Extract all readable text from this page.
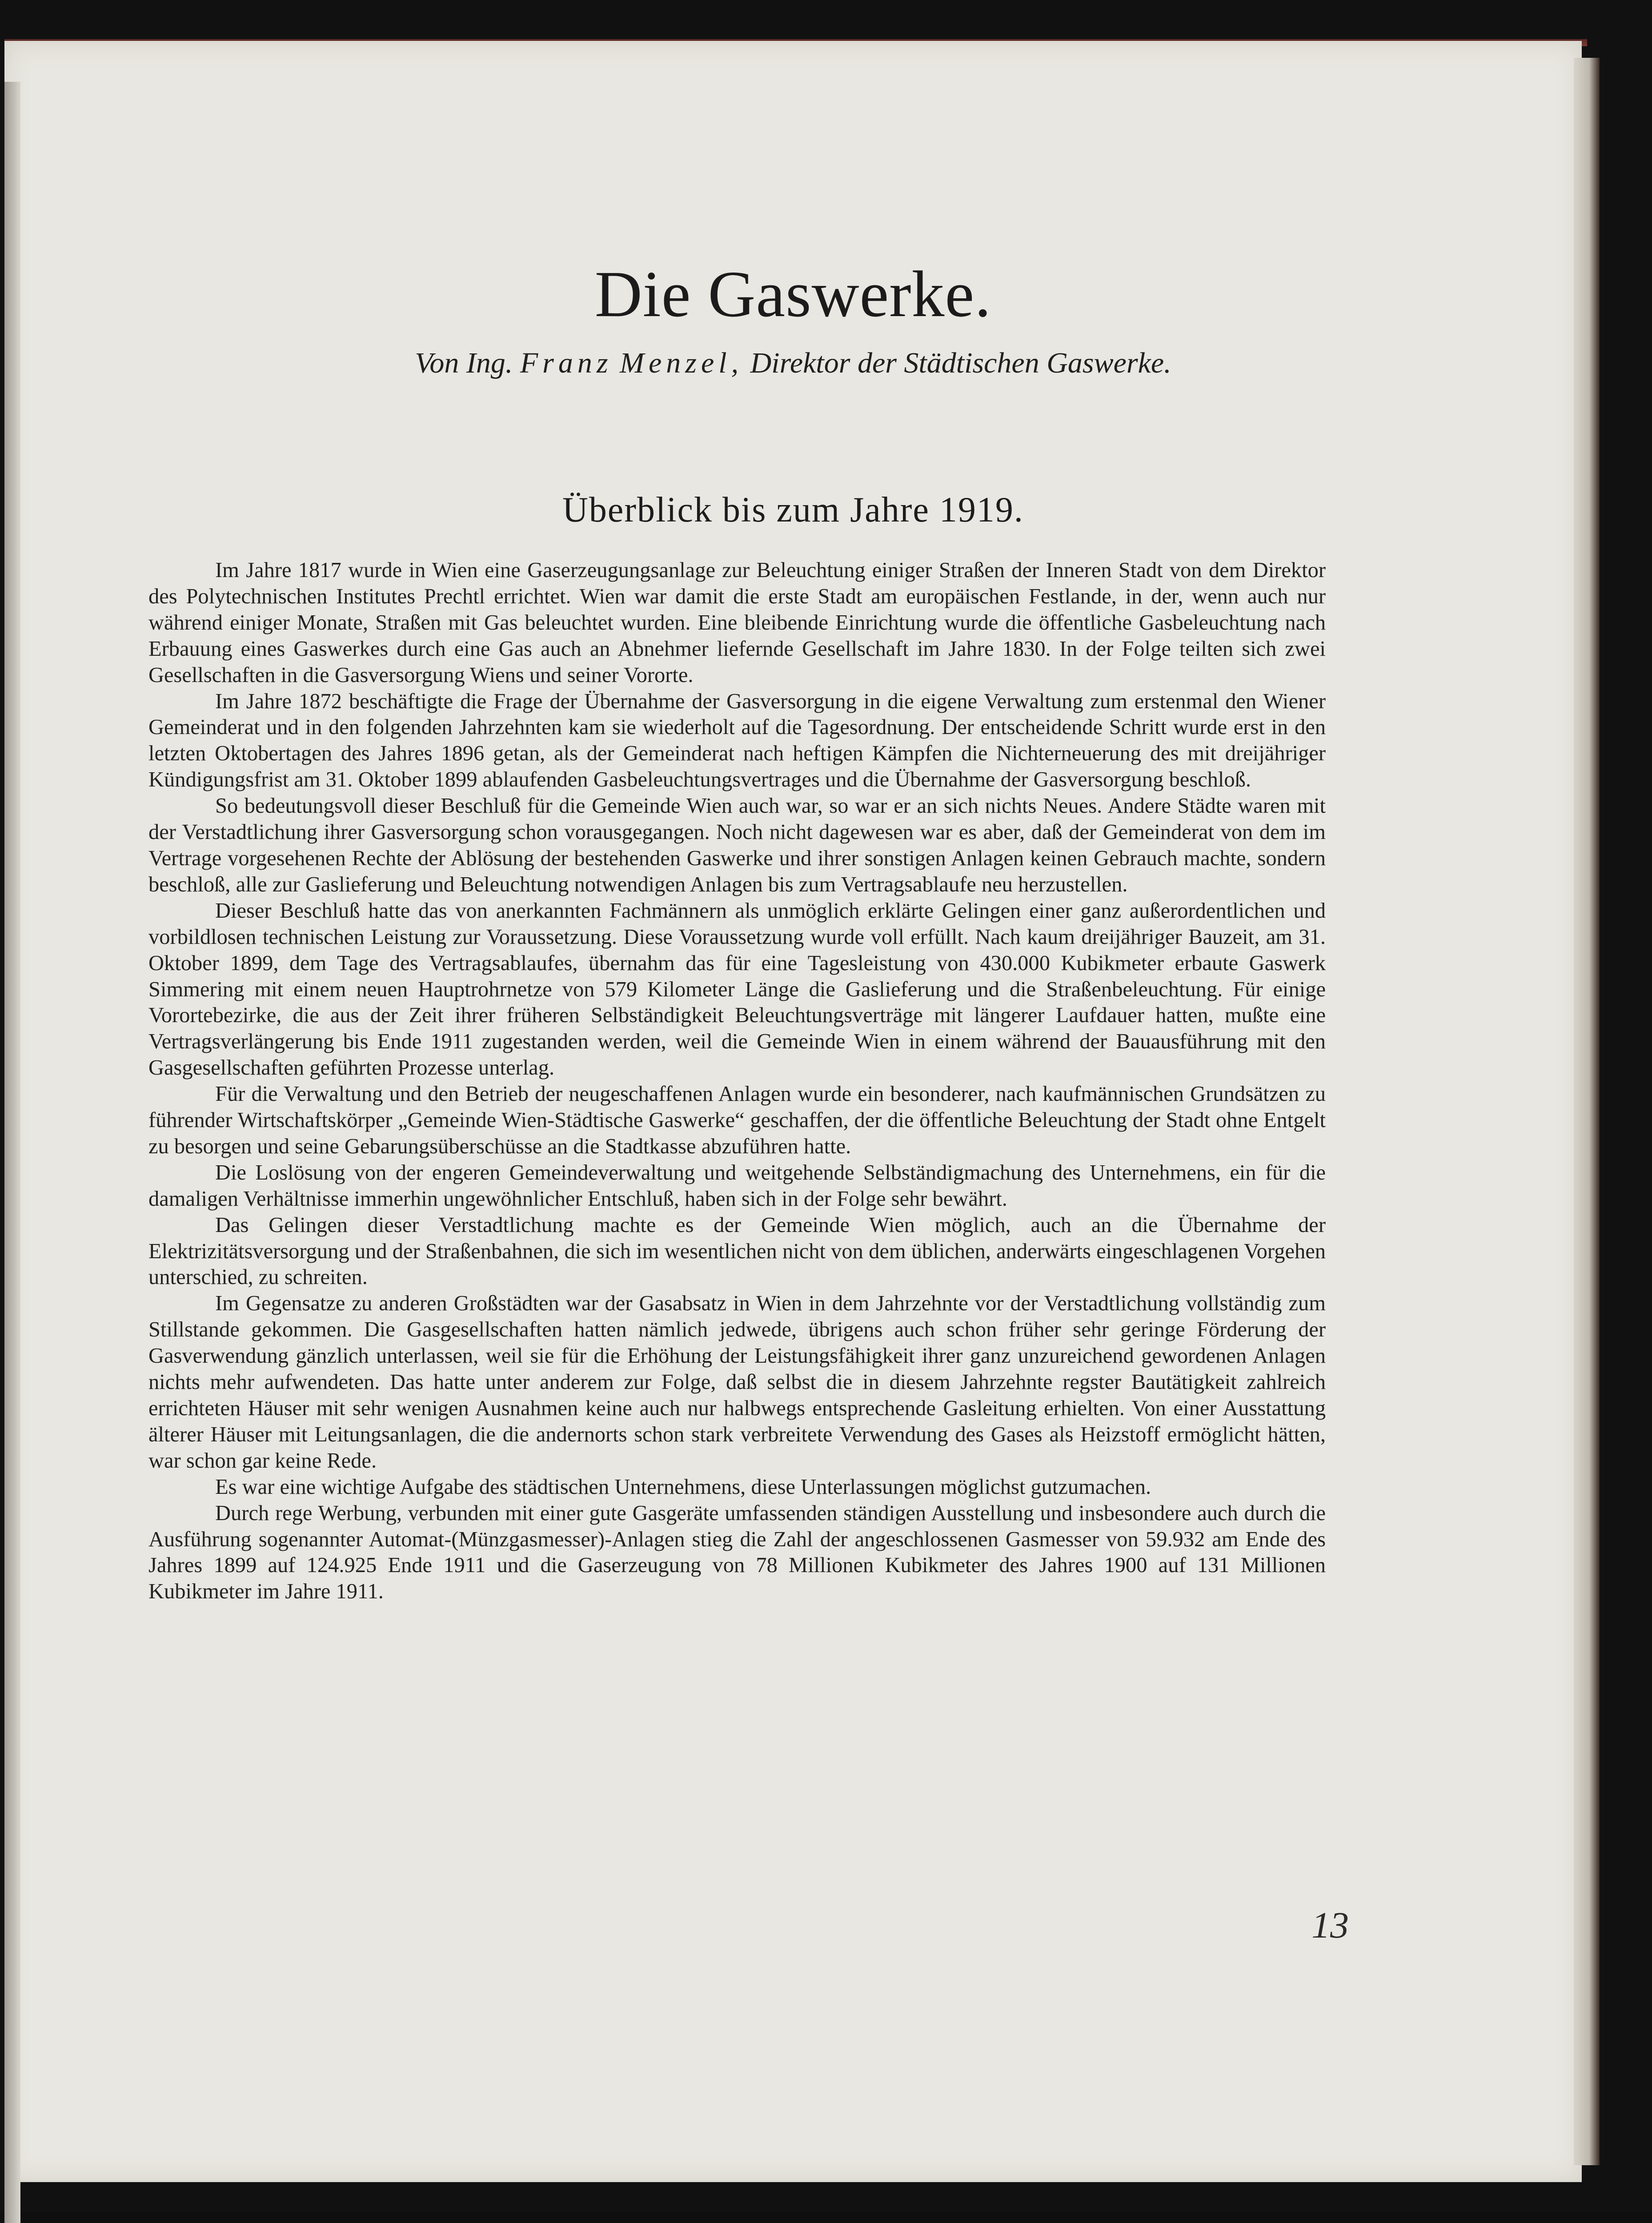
Die Gaswerke.
Von Ing. Franz Menzel, Direktor der Städtischen Gaswerke.
Überblick bis zum Jahre 1919.

Im Jahre 1817 wurde in Wien eine Gaserzeugungsanlage zur Beleuchtung einiger Straßen der Inneren Stadt von dem Direktor des Polytechnischen Institutes Prechtl errichtet. Wien war damit die erste Stadt am europäischen Festlande, in der, wenn auch nur während einiger Monate, Straßen mit Gas beleuchtet wurden. Eine bleibende Einrichtung wurde die öffentliche Gasbeleuchtung nach Erbauung eines Gaswerkes durch eine Gas auch an Abnehmer liefernde Gesellschaft im Jahre 1830. In der Folge teilten sich zwei Gesellschaften in die Gasversorgung Wiens und seiner Vororte.

Im Jahre 1872 beschäftigte die Frage der Übernahme der Gasversorgung in die eigene Verwaltung zum erstenmal den Wiener Gemeinderat und in den folgenden Jahrzehnten kam sie wiederholt auf die Tagesordnung. Der entscheidende Schritt wurde erst in den letzten Oktobertagen des Jahres 1896 getan, als der Gemeinderat nach heftigen Kämpfen die Nichterneuerung des mit dreijähriger Kündigungsfrist am 31. Oktober 1899 ablaufenden Gasbeleuchtungsvertrages und die Übernahme der Gasversorgung beschloß.

So bedeutungsvoll dieser Beschluß für die Gemeinde Wien auch war, so war er an sich nichts Neues. Andere Städte waren mit der Verstadtlichung ihrer Gasversorgung schon vorausgegangen. Noch nicht dagewesen war es aber, daß der Gemeinderat von dem im Vertrage vorgesehenen Rechte der Ablösung der bestehenden Gaswerke und ihrer sonstigen Anlagen keinen Gebrauch machte, sondern beschloß, alle zur Gaslieferung und Beleuchtung notwendigen Anlagen bis zum Vertragsablaufe neu herzustellen.

Dieser Beschluß hatte das von anerkannten Fachmännern als unmöglich erklärte Gelingen einer ganz außerordentlichen und vorbildlosen technischen Leistung zur Voraussetzung. Diese Voraussetzung wurde voll erfüllt. Nach kaum dreijähriger Bauzeit, am 31. Oktober 1899, dem Tage des Vertragsablaufes, übernahm das für eine Tagesleistung von 430.000 Kubikmeter erbaute Gaswerk Simmering mit einem neuen Hauptrohrnetze von 579 Kilometer Länge die Gaslieferung und die Straßenbeleuchtung. Für einige Vorortebezirke, die aus der Zeit ihrer früheren Selbständigkeit Beleuchtungsverträge mit längerer Laufdauer hatten, mußte eine Vertragsverlängerung bis Ende 1911 zugestanden werden, weil die Gemeinde Wien in einem während der Bauausführung mit den Gasgesellschaften geführten Prozesse unterlag.

Für die Verwaltung und den Betrieb der neugeschaffenen Anlagen wurde ein besonderer, nach kaufmännischen Grundsätzen zu führender Wirtschaftskörper „Gemeinde Wien-Städtische Gaswerke“ geschaffen, der die öffentliche Beleuchtung der Stadt ohne Entgelt zu besorgen und seine Gebarungsüberschüsse an die Stadtkasse abzuführen hatte.

Die Loslösung von der engeren Gemeindeverwaltung und weitgehende Selbständigmachung des Unternehmens, ein für die damaligen Verhältnisse immerhin ungewöhnlicher Entschluß, haben sich in der Folge sehr bewährt.

Das Gelingen dieser Verstadtlichung machte es der Gemeinde Wien möglich, auch an die Übernahme der Elektrizitätsversorgung und der Straßenbahnen, die sich im wesentlichen nicht von dem üblichen, anderwärts eingeschlagenen Vorgehen unterschied, zu schreiten.

Im Gegensatze zu anderen Großstädten war der Gasabsatz in Wien in dem Jahrzehnte vor der Verstadtlichung vollständig zum Stillstande gekommen. Die Gasgesellschaften hatten nämlich jedwede, übrigens auch schon früher sehr geringe Förderung der Gasverwendung gänzlich unterlassen, weil sie für die Erhöhung der Leistungsfähigkeit ihrer ganz unzureichend gewordenen Anlagen nichts mehr aufwendeten. Das hatte unter anderem zur Folge, daß selbst die in diesem Jahrzehnte regster Bautätigkeit zahlreich errichteten Häuser mit sehr wenigen Ausnahmen keine auch nur halbwegs entsprechende Gasleitung erhielten. Von einer Ausstattung älterer Häuser mit Leitungsanlagen, die die andernorts schon stark verbreitete Verwendung des Gases als Heizstoff ermöglicht hätten, war schon gar keine Rede.

Es war eine wichtige Aufgabe des städtischen Unternehmens, diese Unterlassungen möglichst gutzumachen.

Durch rege Werbung, verbunden mit einer gute Gasgeräte umfassenden ständigen Ausstellung und insbesondere auch durch die Ausführung sogenannter Automat-(Münzgasmesser)-Anlagen stieg die Zahl der angeschlossenen Gasmesser von 59.932 am Ende des Jahres 1899 auf 124.925 Ende 1911 und die Gaserzeugung von 78 Millionen Kubikmeter des Jahres 1900 auf 131 Millionen Kubikmeter im Jahre 1911.

13
